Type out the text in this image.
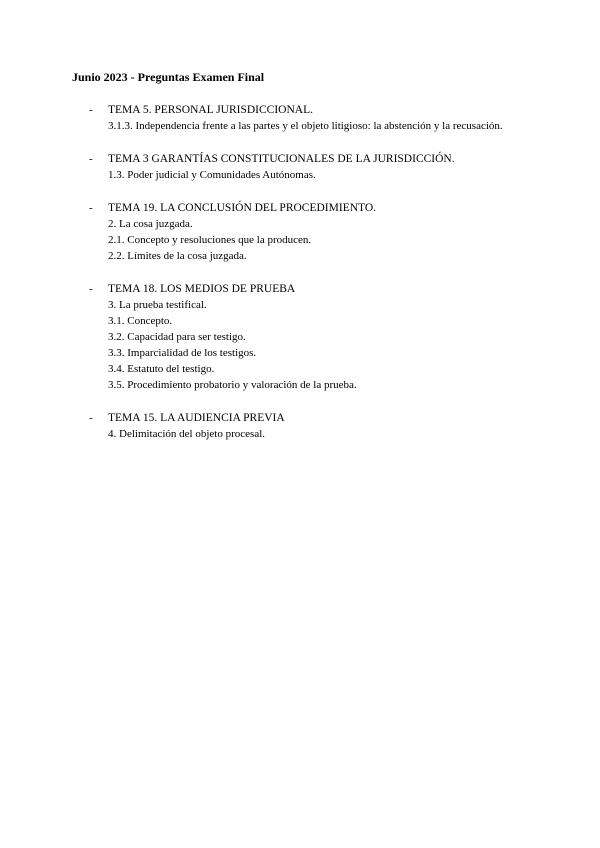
Junio 2023 - Preguntas Examen Final
- TEMA 5. PERSONAL JURISDICCIONAL.
3.1.3. Independencia frente a las partes y el objeto litigioso: la abstención y la recusación.
- TEMA 3 GARANTÍAS CONSTITUCIONALES DE LA JURISDICCIÓN.
1.3. Poder judicial y Comunidades Autónomas.
- TEMA 19. LA CONCLUSIÓN DEL PROCEDIMIENTO.
2. La cosa juzgada.
2.1. Concepto y resoluciones que la producen.
2.2. Límites de la cosa juzgada.
- TEMA 18. LOS MEDIOS DE PRUEBA
3. La prueba testifical.
3.1. Concepto.
3.2. Capacidad para ser testigo.
3.3. Imparcialidad de los testigos.
3.4. Estatuto del testigo.
3.5. Procedimiento probatorio y valoración de la prueba.
- TEMA 15. LA AUDIENCIA PREVIA
4. Delimitación del objeto procesal.
